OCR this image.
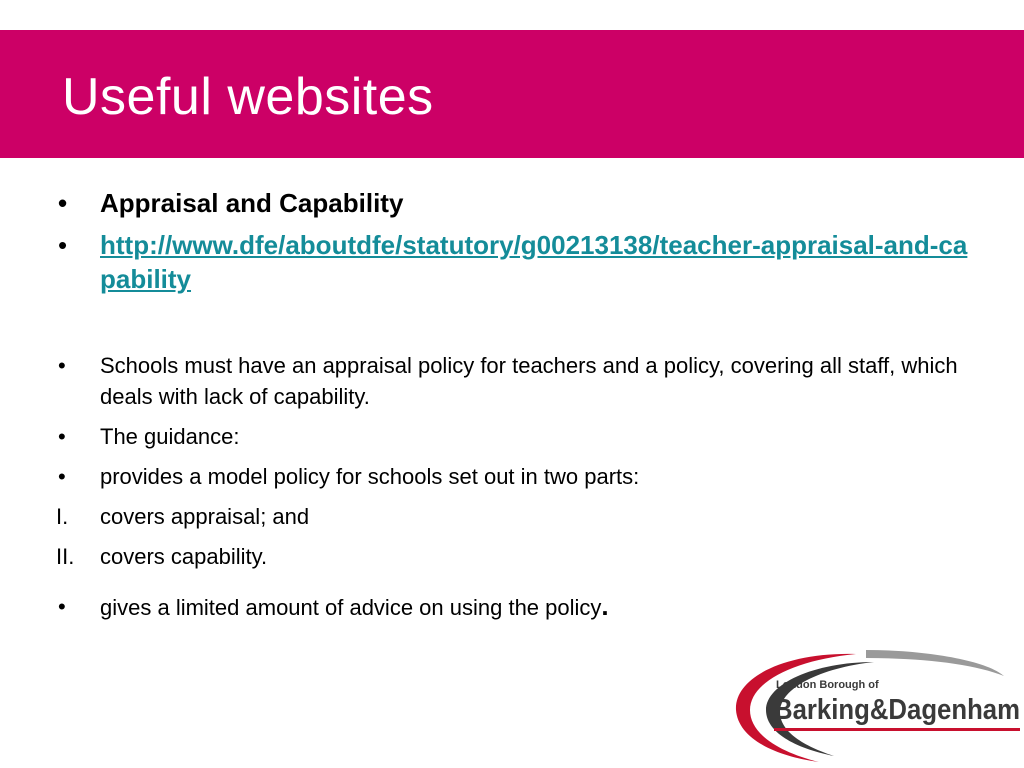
Useful websites
• Appraisal and Capability
• http://www.dfe/aboutdfe/statutory/g00213138/teacher-appraisal-and-capability
• Schools must have an appraisal policy for teachers and a policy, covering all staff, which deals with lack of capability.
• The guidance:
• provides a model policy for schools set out in two parts:
I. covers appraisal; and
II. covers capability.
• gives a limited amount of advice on using the policy.
London Borough of
Barking&Dagenham
